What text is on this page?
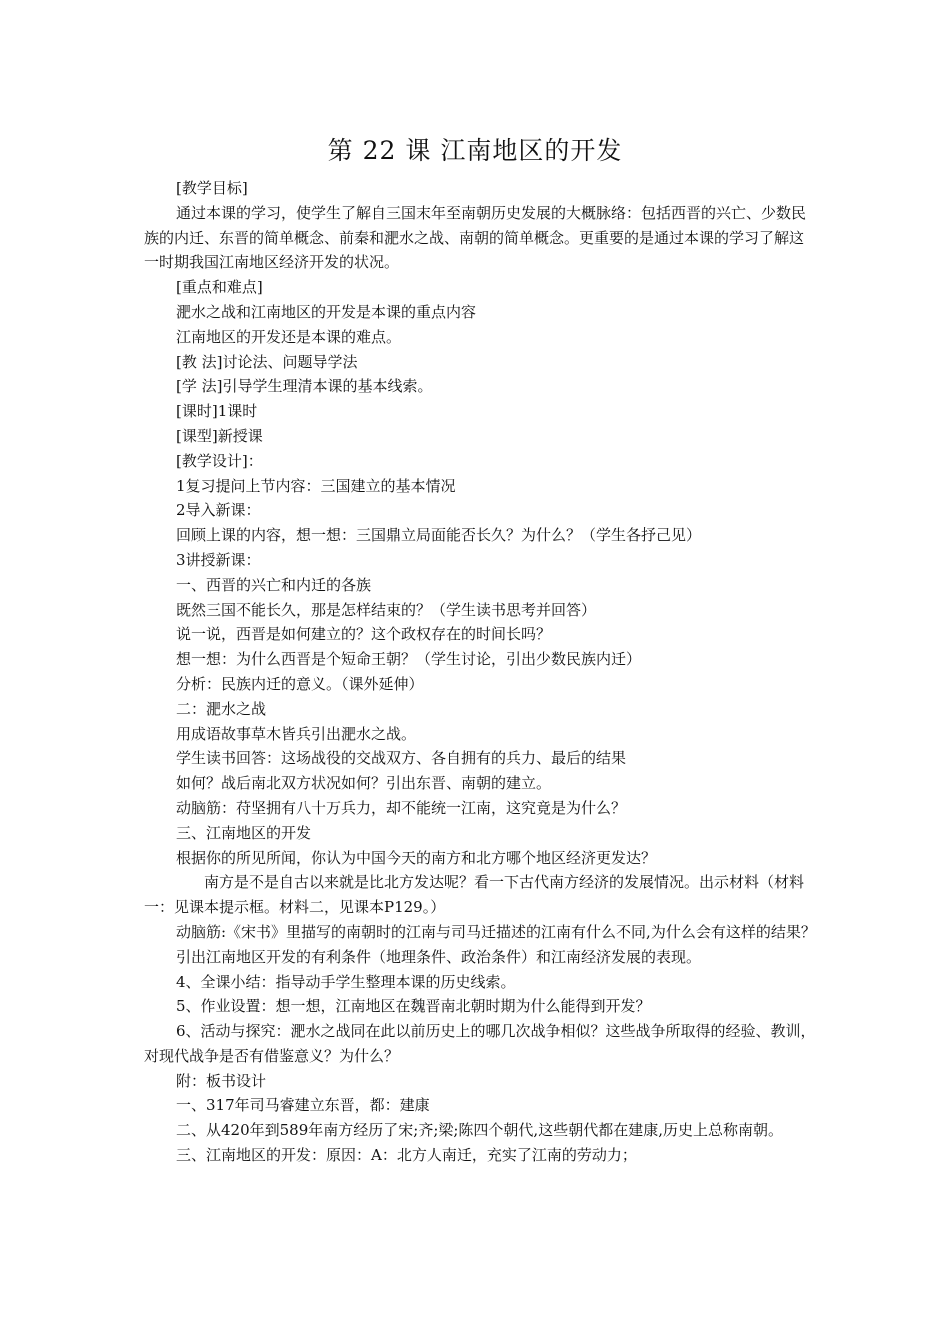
第 22 课 江南地区的开发

[教学目标]

通过本课的学习，使学生了解自三国末年至南朝历史发展的大概脉络：包括西晋的兴亡、少数民族的内迁、东晋的简单概念、前秦和淝水之战、南朝的简单概念。更重要的是通过本课的学习了解这一时期我国江南地区经济开发的状况。

[重点和难点]

淝水之战和江南地区的开发是本课的重点内容

江南地区的开发还是本课的难点。

[教 法]讨论法、问题导学法

[学 法]引导学生理清本课的基本线索。

[课时]1课时

[课型]新授课

[教学设计]：

1复习提问上节内容：三国建立的基本情况

2导入新课：

回顾上课的内容，想一想：三国鼎立局面能否长久？为什么？（学生各抒己见）

3讲授新课：

一、西晋的兴亡和内迁的各族

既然三国不能长久，那是怎样结束的？（学生读书思考并回答）

说一说，西晋是如何建立的？这个政权存在的时间长吗？

想一想：为什么西晋是个短命王朝？（学生讨论，引出少数民族内迁）

分析：民族内迁的意义。（课外延伸）

二：淝水之战

用成语故事草木皆兵引出淝水之战。

学生读书回答：这场战役的交战双方、各自拥有的兵力、最后的结果

如何？战后南北双方状况如何？引出东晋、南朝的建立。

动脑筋：苻坚拥有八十万兵力，却不能统一江南，这究竟是为什么？

三、江南地区的开发

根据你的所见所闻，你认为中国今天的南方和北方哪个地区经济更发达？

南方是不是自古以来就是比北方发达呢？看一下古代南方经济的发展情况。出示材料（材料一：见课本提示框。材料二，见课本P129。）

动脑筋:《宋书》里描写的南朝时的江南与司马迁描述的江南有什么不同,为什么会有这样的结果？

引出江南地区开发的有利条件（地理条件、政治条件）和江南经济发展的表现。

4、全课小结：指导动手学生整理本课的历史线索。

5、作业设置：想一想，江南地区在魏晋南北朝时期为什么能得到开发？

6、活动与探究：淝水之战同在此以前历史上的哪几次战争相似？这些战争所取得的经验、教训，对现代战争是否有借鉴意义？为什么？

附：板书设计

一、317年司马睿建立东晋，都：建康

二、从420年到589年南方经历了宋;齐;梁;陈四个朝代,这些朝代都在建康,历史上总称南朝。

三、江南地区的开发：原因：A：北方人南迁，充实了江南的劳动力；
